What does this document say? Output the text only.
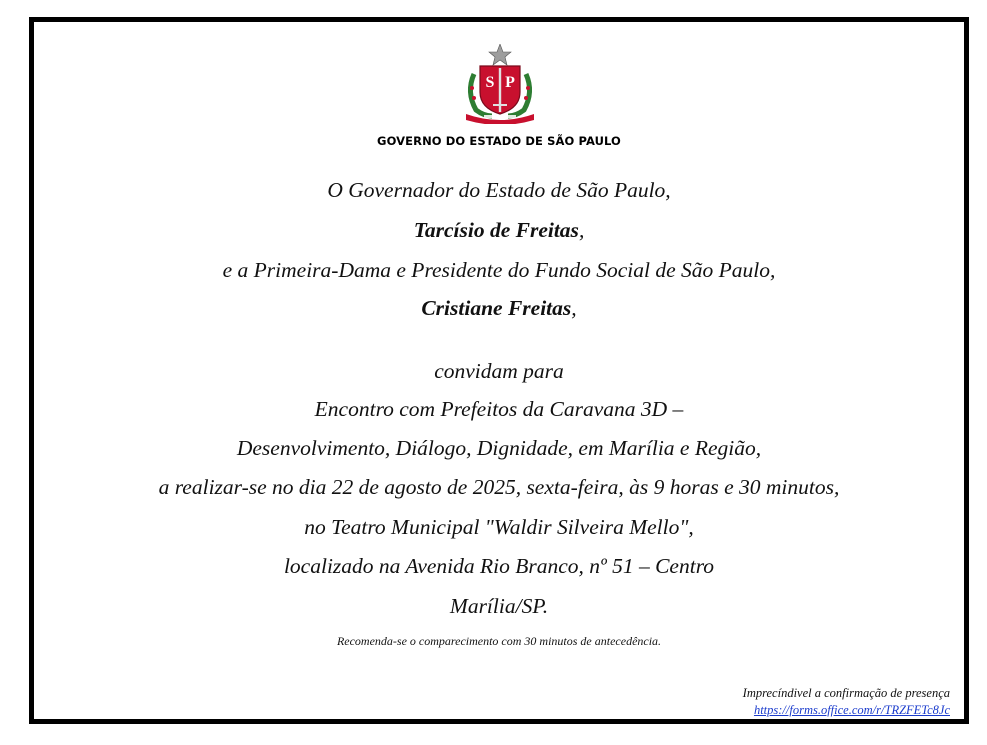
S P
GOVERNO DO ESTADO DE SÃO PAULO
O Governador do Estado de São Paulo,
Tarcísio de Freitas,
e a Primeira-Dama e Presidente do Fundo Social de São Paulo,
Cristiane Freitas,
convidam para
Encontro com Prefeitos da Caravana 3D –
Desenvolvimento, Diálogo, Dignidade, em Marília e Região,
a realizar-se no dia 22 de agosto de 2025, sexta-feira, às 9 horas e 30 minutos,
no Teatro Municipal "Waldir Silveira Mello",
localizado na Avenida Rio Branco, nº 51 – Centro
Marília/SP.
Recomenda-se o comparecimento com 30 minutos de antecedência.
Imprecíndivel a confirmação de presença
https://forms.office.com/r/TRZFETc8Jc
